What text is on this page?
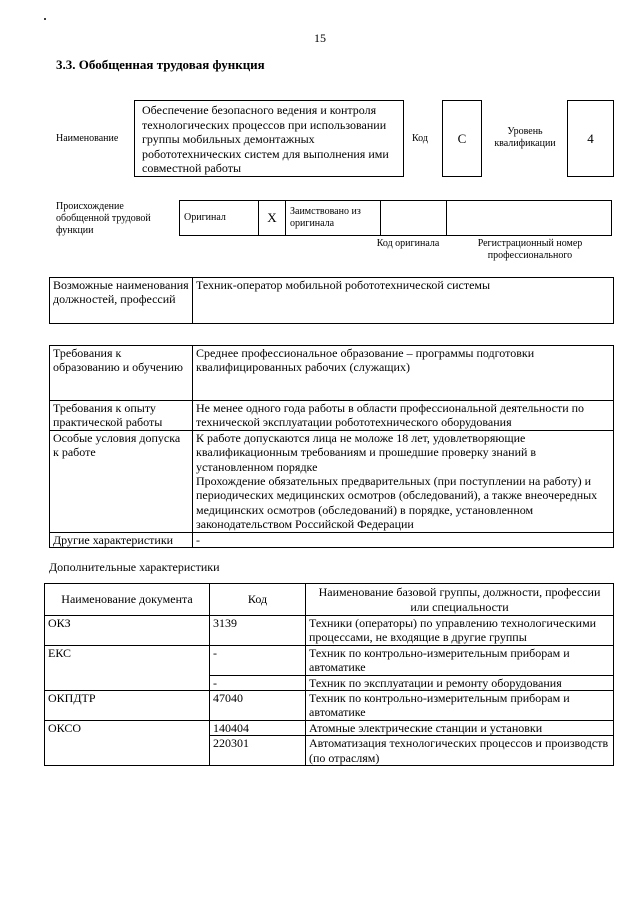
15
3.3. Обобщенная трудовая функция
Наименование
Обеспечение безопасного ведения и контроля технологических процессов при использовании группы мобильных демонтажных робототехнических систем для выполнения ими совместной работы
Код C	Уровень квалификации	4
Происхождение обобщенной трудовой функции
Оригинал	X	Заимствовано из оригинала		
Код оригинала	Регистрационный номер профессионального
Возможные наименования должностей, профессий	Техник-оператор мобильной робототехнической системы
Требования к образованию и обучению	Среднее профессиональное образование – программы подготовки квалифицированных рабочих (служащих)
Требования к опыту практической работы	Не менее одного года работы в области профессиональной деятельности по технической эксплуатации робототехнического оборудования
Особые условия допуска к работе	К работе допускаются лица не моложе 18 лет, удовлетворяющие квалификационным требованиям и прошедшие проверку знаний в установленном порядке
Прохождение обязательных предварительных (при поступлении на работу) и периодических медицинских осмотров (обследований), а также внеочередных медицинских осмотров (обследований) в порядке, установленном законодательством Российской Федерации

Другие характеристики	-
Дополнительные характеристики
Наименование документа	Код	Наименование базовой группы, должности, профессии или специальности
ОКЗ	3139	Техники (операторы) по управлению технологическими процессами, не входящие в другие группы
ЕКС	-	Техник по контрольно-измерительным приборам и автоматике
	-	Техник по эксплуатации и ремонту оборудования
ОКПДТР	47040	Техник по контрольно-измерительным приборам и автоматике
ОКСО	140404	Атомные электрические станции и установки
	220301	Автоматизация технологических процессов и производств (по отраслям)
